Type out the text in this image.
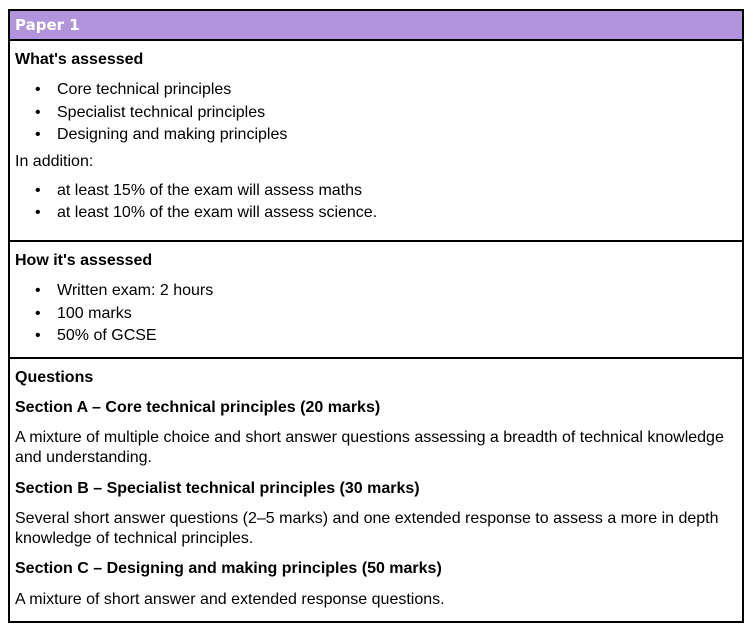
Paper 1
What's assessed
• Core technical principles
• Specialist technical principles
• Designing and making principles
In addition:
• at least 15% of the exam will assess maths
• at least 10% of the exam will assess science.
How it's assessed
• Written exam: 2 hours
• 100 marks
• 50% of GCSE
Questions
Section A – Core technical principles (20 marks)
A mixture of multiple choice and short answer questions assessing a breadth of technical knowledge and understanding.
Section B – Specialist technical principles (30 marks)
Several short answer questions (2–5 marks) and one extended response to assess a more in depth knowledge of technical principles.
Section C – Designing and making principles (50 marks)
A mixture of short answer and extended response questions.
